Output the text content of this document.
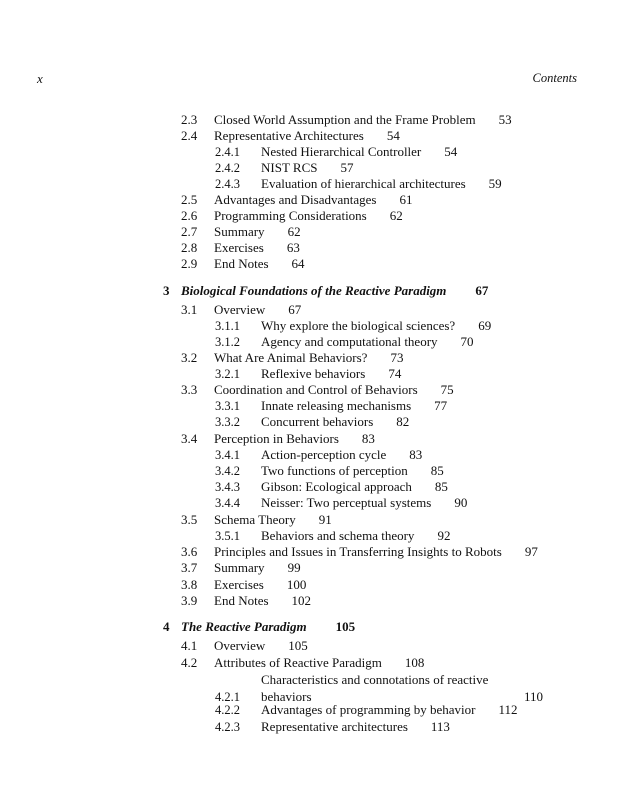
x	Contents
2.3 Closed World Assumption and the Frame Problem 53
2.4 Representative Architectures 54
2.4.1 Nested Hierarchical Controller 54
2.4.2 NIST RCS 57
2.4.3 Evaluation of hierarchical architectures 59
2.5 Advantages and Disadvantages 61
2.6 Programming Considerations 62
2.7 Summary 62
2.8 Exercises 63
2.9 End Notes 64
3 Biological Foundations of the Reactive Paradigm 67
3.1 Overview 67
3.1.1 Why explore the biological sciences? 69
3.1.2 Agency and computational theory 70
3.2 What Are Animal Behaviors? 73
3.2.1 Reflexive behaviors 74
3.3 Coordination and Control of Behaviors 75
3.3.1 Innate releasing mechanisms 77
3.3.2 Concurrent behaviors 82
3.4 Perception in Behaviors 83
3.4.1 Action-perception cycle 83
3.4.2 Two functions of perception 85
3.4.3 Gibson: Ecological approach 85
3.4.4 Neisser: Two perceptual systems 90
3.5 Schema Theory 91
3.5.1 Behaviors and schema theory 92
3.6 Principles and Issues in Transferring Insights to Robots 97
3.7 Summary 99
3.8 Exercises 100
3.9 End Notes 102
4 The Reactive Paradigm 105
4.1 Overview 105
4.2 Attributes of Reactive Paradigm 108
4.2.1Characteristics and connotations of reactive behaviors	110
4.2.2 Advantages of programming by behavior 112
4.2.3 Representative architectures 113
